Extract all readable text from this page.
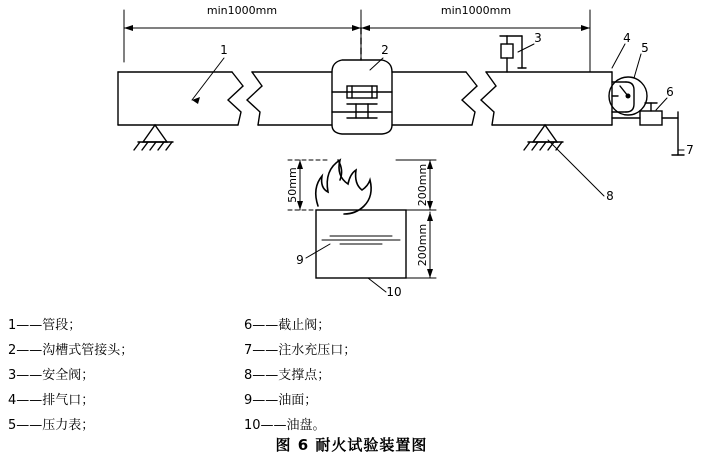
min1000mm	min1000mm
50mm	200mm
200mm
1	2
3	4
5
6
7
8
9
10
1——管段；
2——沟槽式管接头；
3——安全阀；
4——排气口；
5——压力表；
6——截止阀；
7——注水充压口；
8——支撑点；
9——油面；
10——油盘。
图 6 耐火试验装置图
